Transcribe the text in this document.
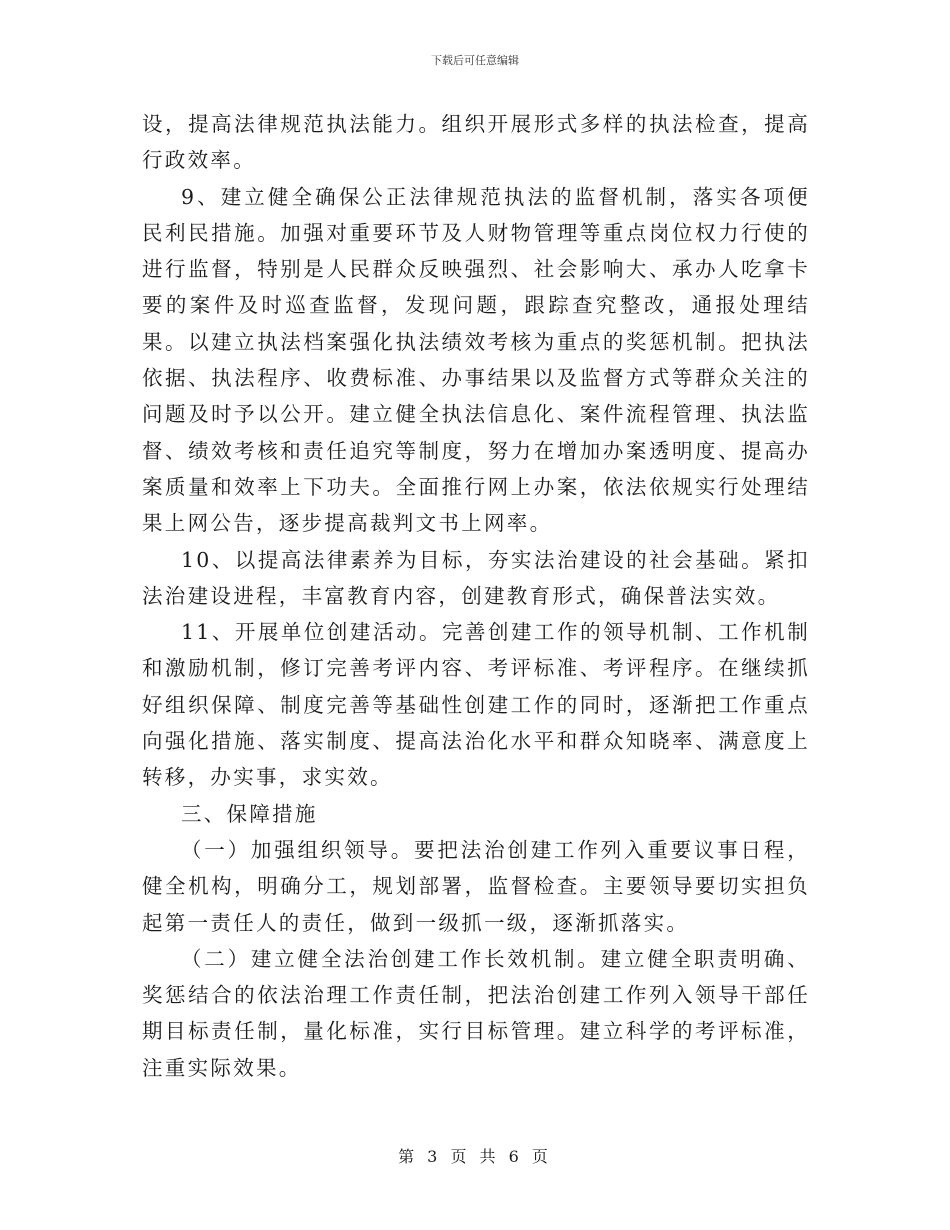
下载后可任意编辑

设，提高法律规范执法能力。组织开展形式多样的执法检查，提高行政效率。

9、建立健全确保公正法律规范执法的监督机制，落实各项便民利民措施。加强对重要环节及人财物管理等重点岗位权力行使的进行监督，特别是人民群众反映强烈、社会影响大、承办人吃拿卡要的案件及时巡查监督，发现问题，跟踪查究整改，通报处理结果。以建立执法档案强化执法绩效考核为重点的奖惩机制。把执法依据、执法程序、收费标准、办事结果以及监督方式等群众关注的问题及时予以公开。建立健全执法信息化、案件流程管理、执法监督、绩效考核和责任追究等制度，努力在增加办案透明度、提高办案质量和效率上下功夫。全面推行网上办案，依法依规实行处理结果上网公告，逐步提高裁判文书上网率。

10、以提高法律素养为目标，夯实法治建设的社会基础。紧扣法治建设进程，丰富教育内容，创建教育形式，确保普法实效。

11、开展单位创建活动。完善创建工作的领导机制、工作机制和激励机制，修订完善考评内容、考评标准、考评程序。在继续抓好组织保障、制度完善等基础性创建工作的同时，逐渐把工作重点向强化措施、落实制度、提高法治化水平和群众知晓率、满意度上转移，办实事，求实效。

三、保障措施

（一）加强组织领导。要把法治创建工作列入重要议事日程，健全机构，明确分工，规划部署，监督检查。主要领导要切实担负起第一责任人的责任，做到一级抓一级，逐渐抓落实。

（二）建立健全法治创建工作长效机制。建立健全职责明确、奖惩结合的依法治理工作责任制，把法治创建工作列入领导干部任期目标责任制，量化标准，实行目标管理。建立科学的考评标准，注重实际效果。

第 3 页 共 6 页
